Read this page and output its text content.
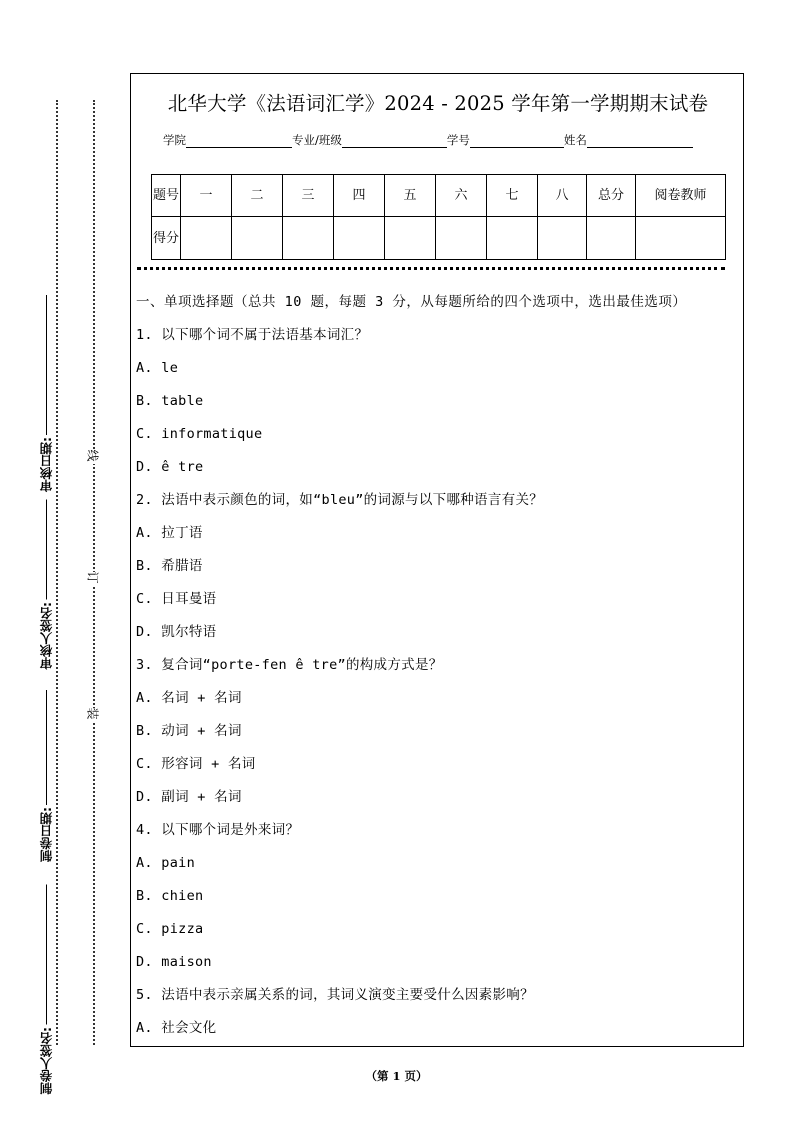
审核日期:
审核人签名:
制卷日期:
制卷人签名:
线
订
装
北华大学《法语词汇学》2024 - 2025 学年第一学期期末试卷
学院	专业/班级	学号	姓名
题号	一	二	三	四	五	六	七	八	总分	阅卷教师
得分										
一、单项选择题（总共 10 题，每题 3 分，从每题所给的四个选项中，选出最佳选项）
1. 以下哪个词不属于法语基本词汇？
A. le
B. table
C. informatique
D. ê tre
2. 法语中表示颜色的词，如“bleu”的词源与以下哪种语言有关？
A. 拉丁语
B. 希腊语
C. 日耳曼语
D. 凯尔特语
3. 复合词“porte-fen ê tre”的构成方式是？
A. 名词 + 名词
B. 动词 + 名词
C. 形容词 + 名词
D. 副词 + 名词
4. 以下哪个词是外来词？
A. pain
B. chien
C. pizza
D. maison
5. 法语中表示亲属关系的词，其词义演变主要受什么因素影响？
A. 社会文化
（第 1 页）
